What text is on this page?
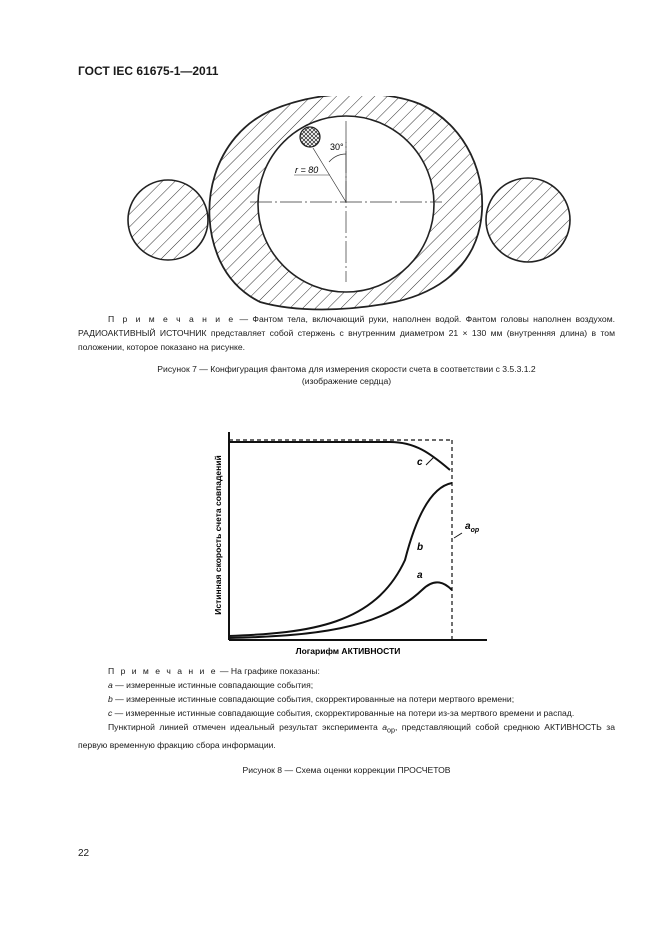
ГОСТ IEC 61675-1—2011
30°
r = 80

П р и м е ч а н и е — Фантом тела, включающий руки, наполнен водой. Фантом головы наполнен воздухом. РАДИОАКТИВНЫЙ ИСТОЧНИК представляет собой стержень с внутренним диаметром 21 × 130 мм (внутренняя длина) в том положении, которое показано на рисунке.

Рисунок 7 — Конфигурация фантома для измерения скорости счета в соответствии с 3.5.3.1.2
(изображение сердца)
c
b
a
$a_{ор}$
Истинная скорость счета совпадений
Логарифм АКТИВНОСТИ

П р и м е ч а н и е — На графике показаны:

a — измеренные истинные совпадающие события;

b — измеренные истинные совпадающие события, скорректированные на потери мертвого времени;

c — измеренные истинные совпадающие события, скорректированные на потери из-за мертвого времени и распад.

Пунктирной линией отмечен идеальный результат эксперимента $a_{ор}$, представляющий собой среднюю АКТИВНОСТЬ за первую временную фракцию сбора информации.

Рисунок 8 — Схема оценки коррекции ПРОСЧЕТОВ
22
